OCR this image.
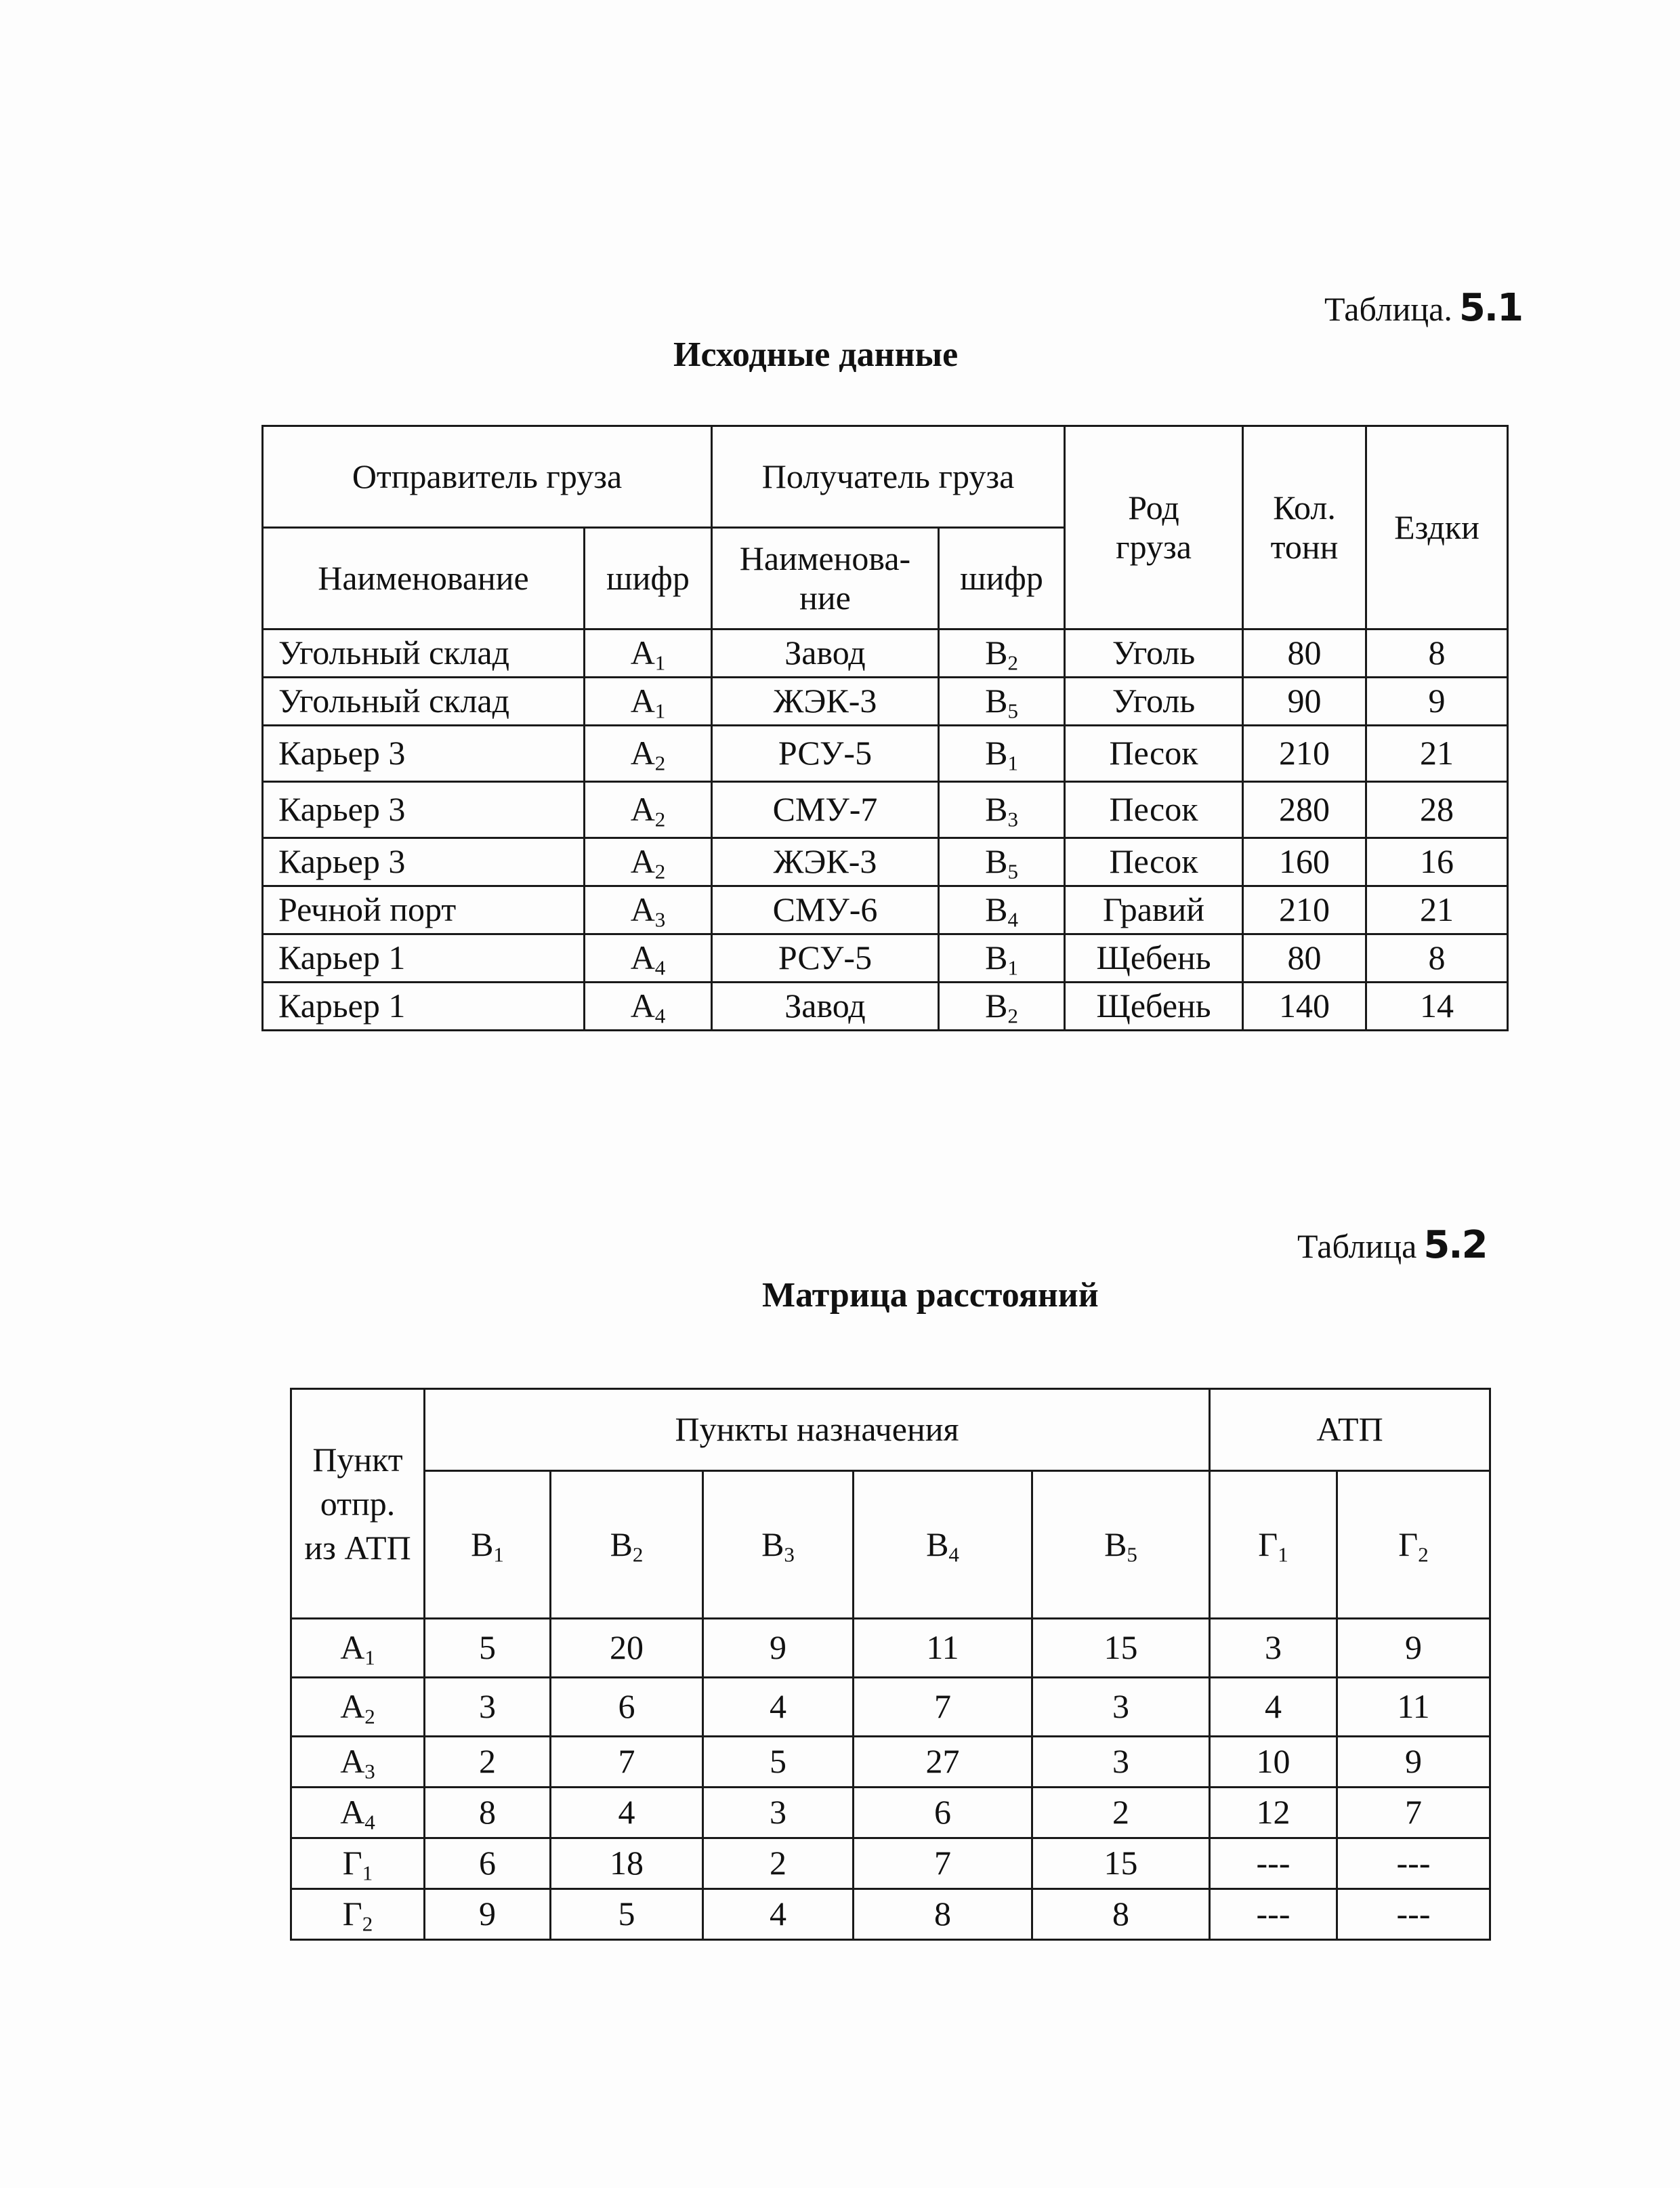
Таблица. 5.1
Исходные данные
Отправитель груза		Получатель груза		Род груза	Кол. тонн	Ездки
Наименование	шифр	Наименова-ние	шифр			
Угольный склад	$A_1$	Завод	$B_2$	Уголь	80	8
Угольный склад	$A_1$	ЖЭК-3	$B_5$	Уголь	90	9
Карьер 3	$A_2$	РСУ-5	$B_1$	Песок	210	21
Карьер 3	$A_2$	СМУ-7	$B_3$	Песок	280	28
Карьер 3	$A_2$	ЖЭК-3	$B_5$	Песок	160	16
Речной порт	$A_3$	СМУ-6	$B_4$	Гравий	210	21
Карьер 1	$A_4$	РСУ-5	$B_1$	Щебень	80	8
Карьер 1	$A_4$	Завод	$B_2$	Щебень	140	14
Таблица 5.2
Матрица расстояний
Пункт отпр. из АТП	Пункты назначения					АТП	
	$B_1$	$B_2$	$B_3$	$B_4$	$B_5$	$Г_1$	$Г_2$
$A_1$	5	20	9	11	15	3	9
$A_2$	3	6	4	7	3	4	11
$A_3$	2	7	5	27	3	10	9
$A_4$	8	4	3	6	2	12	7
$Г_1$	6	18	2	7	15	---	---
$Г_2$	9	5	4	8	8	---	---
